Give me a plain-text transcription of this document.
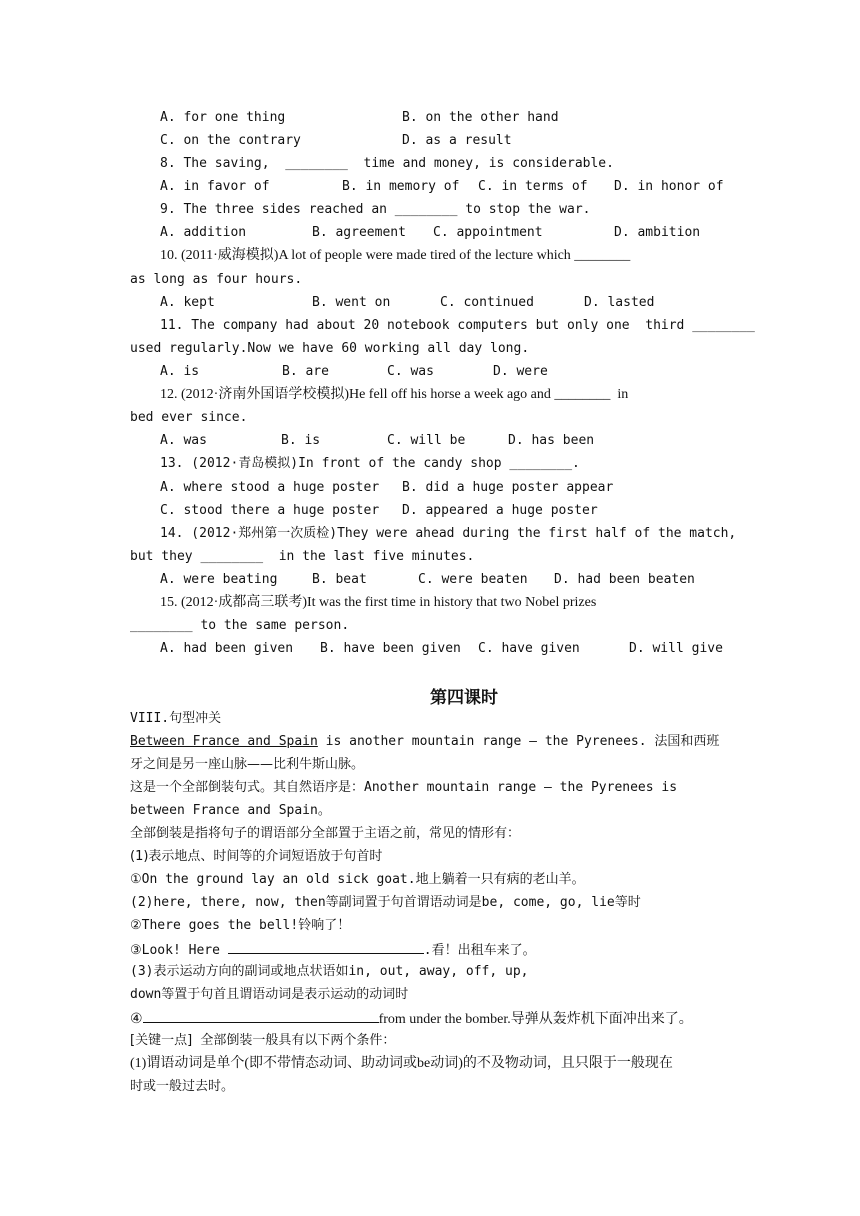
A. for one thing	B. on the other hand
C. on the contrary	D. as a result
8. The saving,  ________  time and money, is considerable.
A. in favor of	B. in memory of C. in terms of D. in honor of
9. The three sides reached an ________ to stop the war.
A. addition	B. agreement C. appointment	D. ambition
10. (2011·威海模拟)A lot of people were made tired of the lecture which ________
as long as four hours.
A. kept	B. went on	C. continued	D. lasted
11. The company had about 20 notebook computers but only one  third ________
used regularly.Now we have 60 working all day long.
A. is	B. are	C. was	D. were
12. (2012·济南外国语学校模拟)He fell off his horse a week ago and ________  in
bed ever since.
A. was	B. is	C. will be	D. has been
13. (2012·青岛模拟)In front of the candy shop ________.
A. where stood a huge poster B. did a huge poster appear
C. stood there a huge poster D. appeared a huge poster
14. (2012·郑州第一次质检)They were ahead during the first half of the match,
but they ________  in the last five minutes.
A. were beating	B. beat	C. were beaten D. had been beaten
15. (2012·成都高三联考)It was the first time in history that two Nobel prizes
________ to the same person.
A. had been given B. have been given C. have given	D. will give
第四课时
VIII.句型冲关
Between France and Spain is another mountain range — the Pyrenees. 法国和西班
牙之间是另一座山脉——比利牛斯山脉。
这是一个全部倒装句式。其自然语序是：Another mountain range — the Pyrenees is
between France and Spain。
全部倒装是指将句子的谓语部分全部置于主语之前，常见的情形有：
(1)表示地点、时间等的介词短语放于句首时
①On the ground lay an old sick goat.地上躺着一只有病的老山羊。
(2)here, there, now, then等副词置于句首谓语动词是be, come, go, lie等时
②There goes the bell!铃响了！
③Look! Here	.看！出租车来了。
(3)表示运动方向的副词或地点状语如in, out, away, off, up,
down等置于句首且谓语动词是表示运动的动词时
④	from under the bomber.导弹从轰炸机下面冲出来了。
[关键一点]  全部倒装一般具有以下两个条件：
(1)谓语动词是单个(即不带情态动词、助动词或be动词)的不及物动词，且只限于一般现在
时或一般过去时。
